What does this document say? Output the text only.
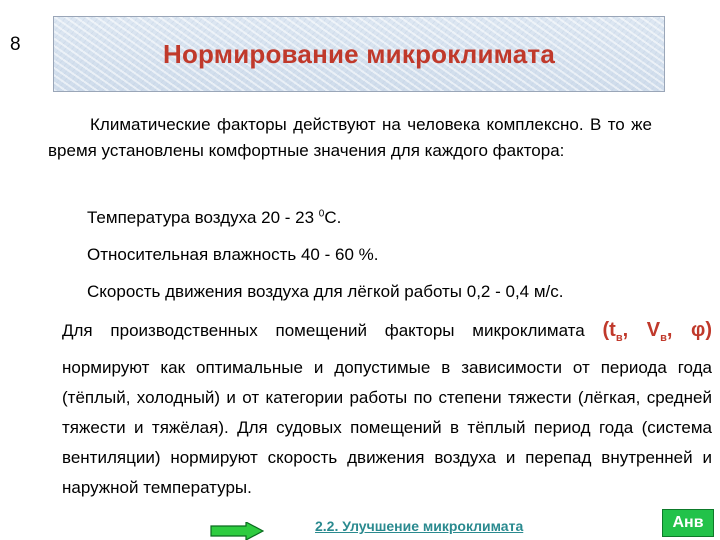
8	Нормирование микроклимата

Климатические факторы действуют на человека комплексно. В то же время установлены комфортные значения для каждого фактора:

Температура воздуха 20 - 23 $^0$С.
Относительная влажность 40 - 60 %.
Скорость движения воздуха для лёгкой работы 0,2 - 0,4 м/с.

Для производственных помещений факторы микроклимата ($t_в$, $V_в$, φ) нормируют как оптимальные и допустимые в зависимости от периода года (тёплый, холодный) и от категории работы по степени тяжести (лёгкая, средней тяжести и тяжёлая). Для судовых помещений в тёплый период года (система вентиляции) нормируют скорость движения воздуха и перепад внутренней и наружной температуры.

2.2. Улучшение микроклимата	Анв
